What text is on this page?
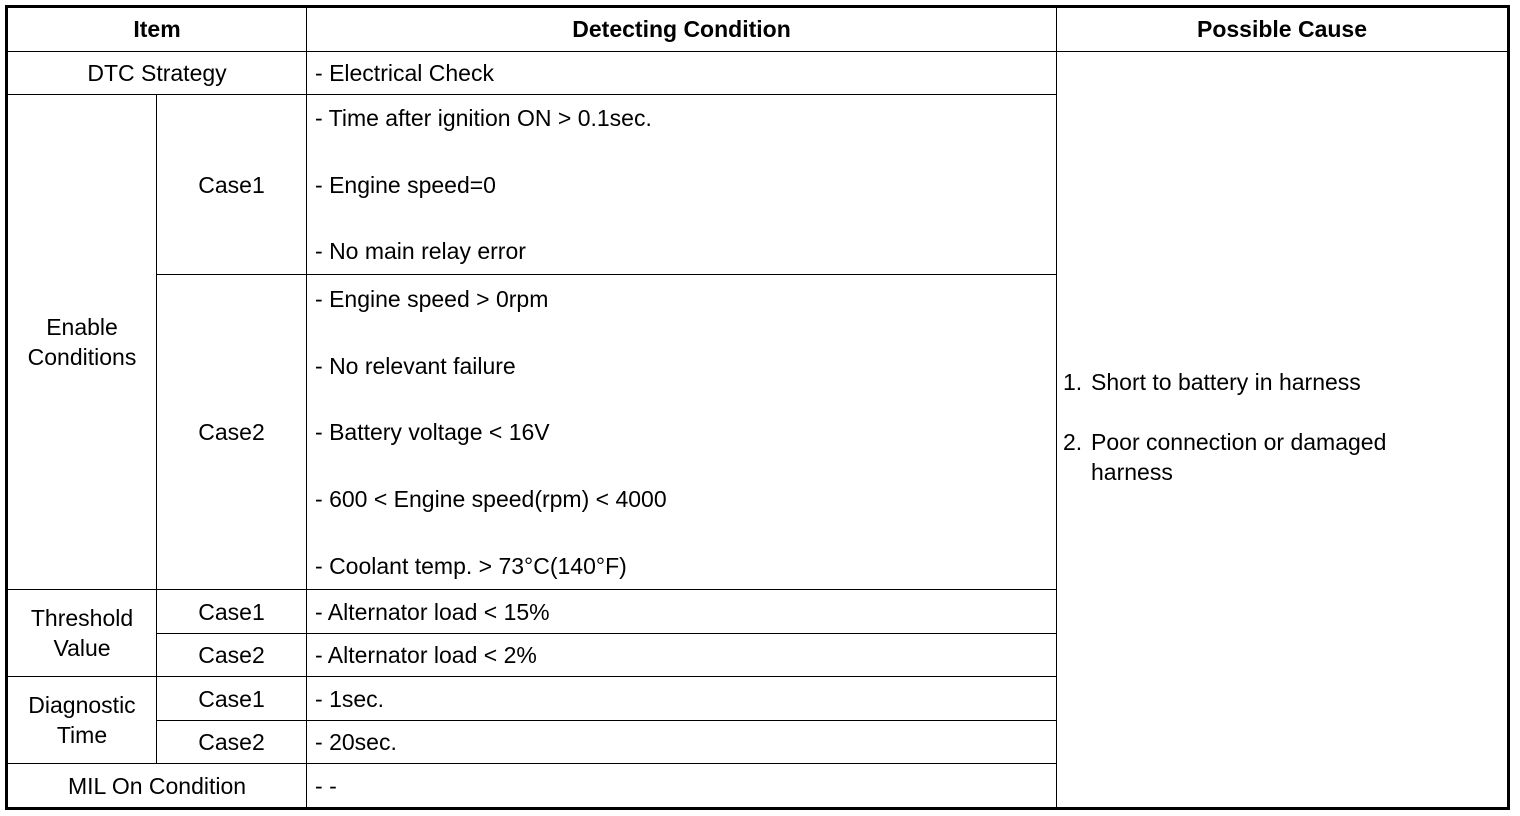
Item		Detecting Condition	Possible Cause
DTC Strategy		- Electrical Check	1. Short to battery in harness
2. Poor connection or damaged harness

Enable Conditions	Case1	- Time after ignition ON > 0.1sec.
- Engine speed=0
- No main relay error	

	Case2	- Engine speed > 0rpm
- No relevant failure
- Battery voltage < 16V
- 600 < Engine speed(rpm) < 4000
- Coolant temp. > 73°C(140°F)	

Threshold Value	Case1	- Alternator load < 15%	
	Case2	- Alternator load < 2%	
Diagnostic Time	Case1	- 1sec.	
	Case2	- 20sec.	
MIL On Condition		- -	
